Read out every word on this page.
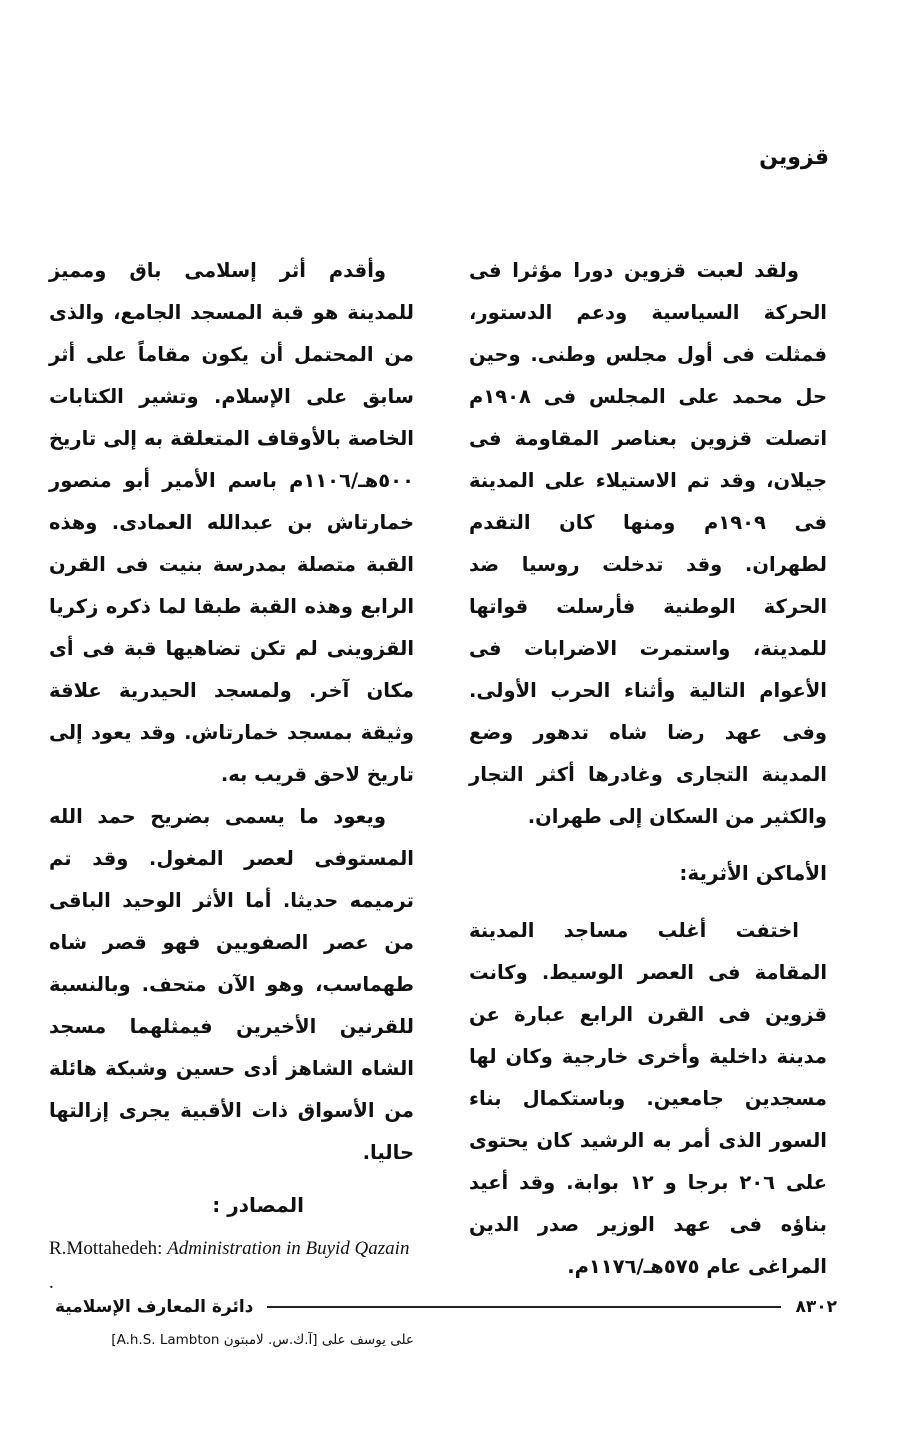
قزوين

ولقد لعبت قزوين دورا مؤثرا فى الحركة السياسية ودعم الدستور، فمثلت فى أول مجلس وطنى. وحين حل محمد على المجلس فى ١٩٠٨م اتصلت قزوين بعناصر المقاومة فى جيلان، وقد تم الاستيلاء على المدينة فى ١٩٠٩م ومنها كان التقدم لطهران. وقد تدخلت روسيا ضد الحركة الوطنية فأرسلت قواتها للمدينة، واستمرت الاضرابات فى الأعوام التالية وأثناء الحرب الأولى. وفى عهد رضا شاه تدهور وضع المدينة التجارى وغادرها أكثر التجار والكثير من السكان إلى طهران.

الأماكن الأثرية:

اختفت أغلب مساجد المدينة المقامة فى العصر الوسيط. وكانت قزوين فى القرن الرابع عبارة عن مدينة داخلية وأخرى خارجية وكان لها مسجدين جامعين. وباستكمال بناء السور الذى أمر به الرشيد كان يحتوى على ٢٠٦ برجا و ١٢ بوابة. وقد أعيد بناؤه فى عهد الوزير صدر الدين المراغى عام ٥٧٥هـ/١١٧٦م.

وأقدم أثر إسلامى باق ومميز للمدينة هو قبة المسجد الجامع، والذى من المحتمل أن يكون مقاماً على أثر سابق على الإسلام. وتشير الكتابات الخاصة بالأوقاف المتعلقة به إلى تاريخ ٥٠٠هـ/١١٠٦م باسم الأمير أبو منصور خمارتاش بن عبدالله العمادى. وهذه القبة متصلة بمدرسة بنيت فى القرن الرابع وهذه القبة طبقا لما ذكره زكريا القزوينى لم تكن تضاهيها قبة فى أى مكان آخر. ولمسجد الحيدرية علاقة وثيقة بمسجد خمارتاش. وقد يعود إلى تاريخ لاحق قريب به.

ويعود ما يسمى بضريح حمد الله المستوفى لعصر المغول. وقد تم ترميمه حديثا. أما الأثر الوحيد الباقى من عصر الصفويين فهو قصر شاه طهماسب، وهو الآن متحف. وبالنسبة للقرنين الأخيرين فيمثلهما مسجد الشاه الشاهز أدى حسين وشبكة هائلة من الأسواق ذات الأقبية يجرى إزالتها حاليا.

المصادر :
R.Mottahedeh: Administration in Buyid Qazain .
على يوسف على [آ.ك.س. لامبتون A.h.S. Lambton]
دائرة المعارف الإسلامية	٨٣٠٢
